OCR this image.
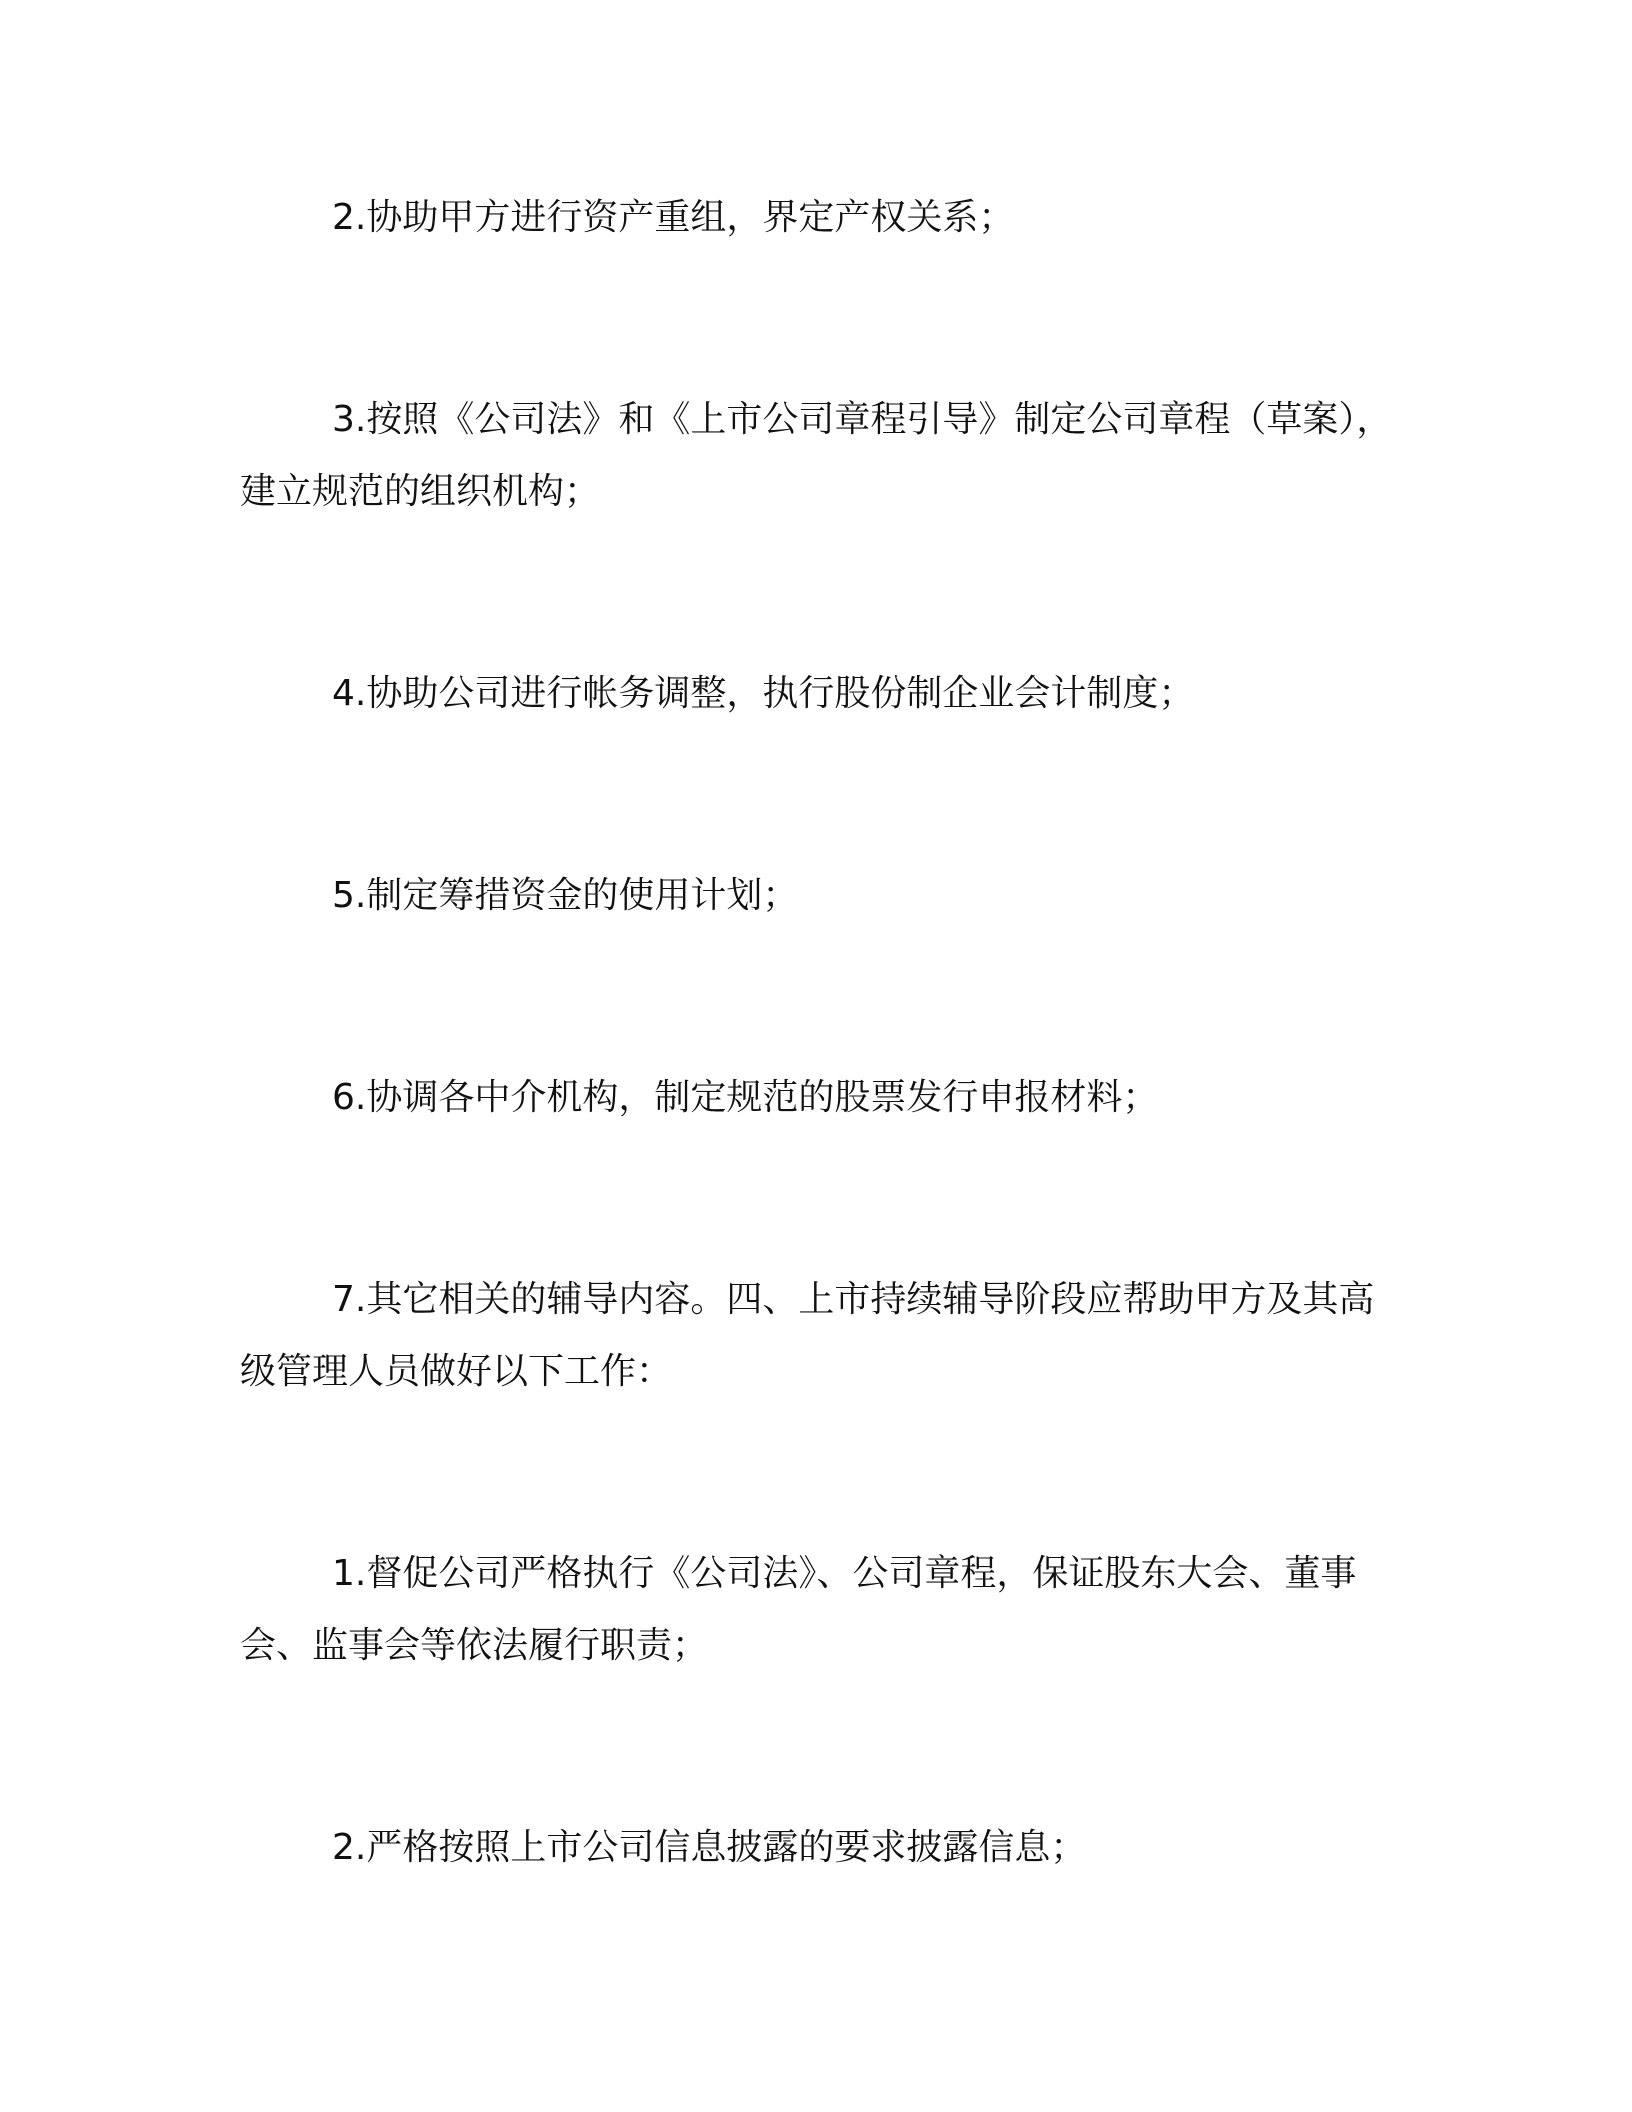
2.协助甲方进行资产重组，界定产权关系；

3.按照《公司法》和《上市公司章程引导》制定公司章程（草案），建立规范的组织机构；

4.协助公司进行帐务调整，执行股份制企业会计制度；

5.制定筹措资金的使用计划；

6.协调各中介机构，制定规范的股票发行申报材料；

7.其它相关的辅导内容。四、上市持续辅导阶段应帮助甲方及其高级管理人员做好以下工作：

1.督促公司严格执行《公司法》、公司章程，保证股东大会、董事会、监事会等依法履行职责；

2.严格按照上市公司信息披露的要求披露信息；
